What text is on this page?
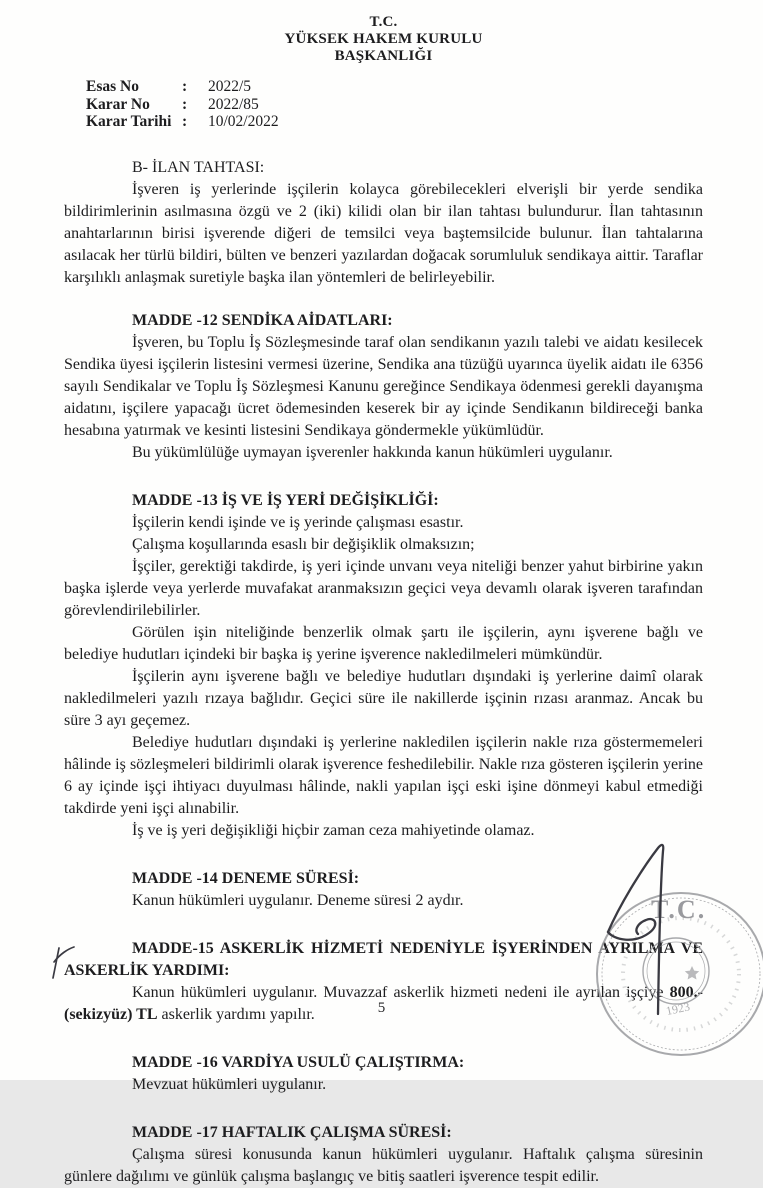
T.C.
YÜKSEK HAKEM KURULU
BAŞKANLIĞI
Esas No	:	2022/5
Karar No	:	2022/85
Karar Tarihi :	10/02/2022

B- İLAN TAHTASI:

İşveren iş yerlerinde işçilerin kolayca görebilecekleri elverişli bir yerde sendika bildirimlerinin asılmasına özgü ve 2 (iki) kilidi olan bir ilan tahtası bulundurur. İlan tahtasının anahtarlarının birisi işverende diğeri de temsilci veya baştemsilcide bulunur. İlan tahtalarına asılacak her türlü bildiri, bülten ve benzeri yazılardan doğacak sorumluluk sendikaya aittir. Taraflar karşılıklı anlaşmak suretiyle başka ilan yöntemleri de belirleyebilir.

MADDE -12 SENDİKA AİDATLARI:

İşveren, bu Toplu İş Sözleşmesinde taraf olan sendikanın yazılı talebi ve aidatı kesilecek Sendika üyesi işçilerin listesini vermesi üzerine, Sendika ana tüzüğü uyarınca üyelik aidatı ile 6356 sayılı Sendikalar ve Toplu İş Sözleşmesi Kanunu gereğince Sendikaya ödenmesi gerekli dayanışma aidatını, işçilere yapacağı ücret ödemesinden keserek bir ay içinde Sendikanın bildireceği banka hesabına yatırmak ve kesinti listesini Sendikaya göndermekle yükümlüdür.

Bu yükümlülüğe uymayan işverenler hakkında kanun hükümleri uygulanır.

MADDE -13 İŞ VE İŞ YERİ DEĞİŞİKLİĞİ:

İşçilerin kendi işinde ve iş yerinde çalışması esastır.

Çalışma koşullarında esaslı bir değişiklik olmaksızın;

İşçiler, gerektiği takdirde, iş yeri içinde unvanı veya niteliği benzer yahut birbirine yakın başka işlerde veya yerlerde muvafakat aranmaksızın geçici veya devamlı olarak işveren tarafından görevlendirilebilirler.

Görülen işin niteliğinde benzerlik olmak şartı ile işçilerin, aynı işverene bağlı ve belediye hudutları içindeki bir başka iş yerine işverence nakledilmeleri mümkündür.

İşçilerin aynı işverene bağlı ve belediye hudutları dışındaki iş yerlerine daimî olarak nakledilmeleri yazılı rızaya bağlıdır. Geçici süre ile nakillerde işçinin rızası aranmaz. Ancak bu süre 3 ayı geçemez.

Belediye hudutları dışındaki iş yerlerine nakledilen işçilerin nakle rıza göstermemeleri hâlinde iş sözleşmeleri bildirimli olarak işverence feshedilebilir. Nakle rıza gösteren işçilerin yerine 6 ay içinde işçi ihtiyacı duyulması hâlinde, nakli yapılan işçi eski işine dönmeyi kabul etmediği takdirde yeni işçi alınabilir.

İş ve iş yeri değişikliği hiçbir zaman ceza mahiyetinde olamaz.

MADDE -14 DENEME SÜRESİ:

Kanun hükümleri uygulanır. Deneme süresi 2 aydır.

MADDE-15 ASKERLİK HİZMETİ NEDENİYLE İŞYERİNDEN AYRILMA VE ASKERLİK YARDIMI:

Kanun hükümleri uygulanır. Muvazzaf askerlik hizmeti nedeni ile ayrılan işçiye 800.- (sekizyüz) TL askerlik yardımı yapılır.

MADDE -16 VARDİYA USULÜ ÇALIŞTIRMA:

Mevzuat hükümleri uygulanır.

MADDE -17 HAFTALIK ÇALIŞMA SÜRESİ:

Çalışma süresi konusunda kanun hükümleri uygulanır. Haftalık çalışma süresinin günlere dağılımı ve günlük çalışma başlangıç ve bitiş saatleri işverence tespit edilir.

5
T.C.
1923
